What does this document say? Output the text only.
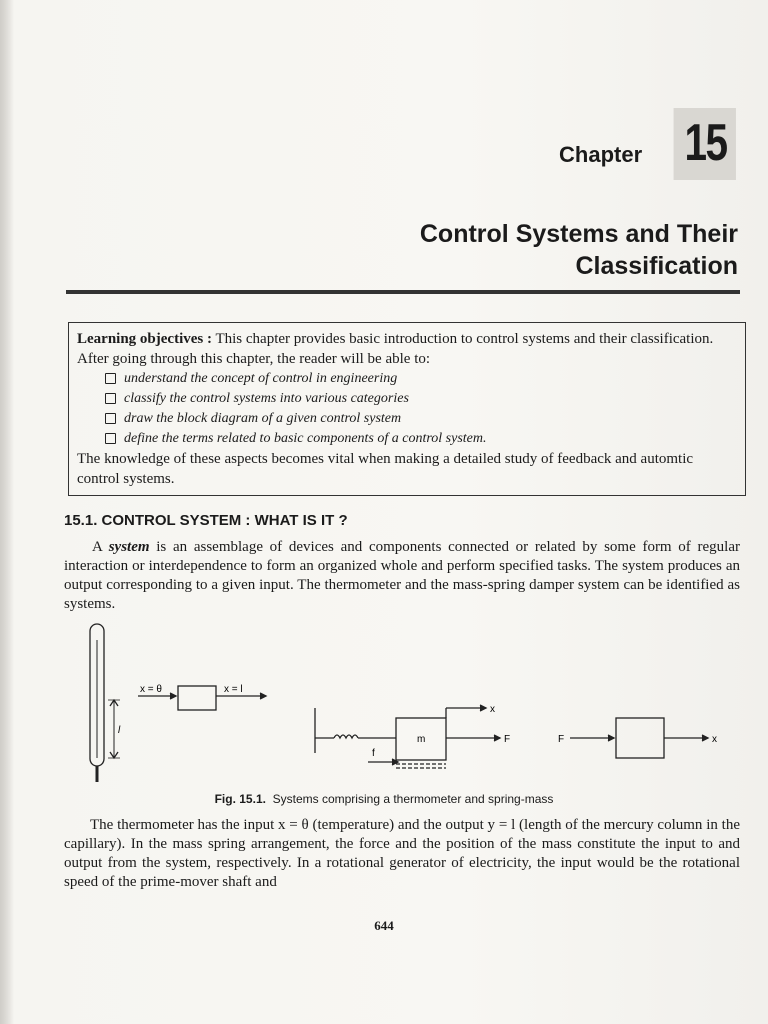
Chapter 15
Control Systems and Their
Classification
Learning objectives : This chapter provides basic introduction to control systems and their classification. After going through this chapter, the reader will be able to:
understand the concept of control in engineering
classify the control systems into various categories
draw the block diagram of a given control system
define the terms related to basic components of a control system.
The knowledge of these aspects becomes vital when making a detailed study of feedback and automtic control systems.
15.1. CONTROL SYSTEM : WHAT IS IT ?
A system is an assemblage of devices and components connected or related by some form of regular interaction or interdependence to form an organized whole and perform specified tasks. The system produces an output corresponding to a given input. The thermometer and the mass-spring damper system can be identified as systems.
l
x = θ	x = l
m	F
x
f
F	x
Fig. 15.1. Systems comprising a thermometer and spring-mass
The thermometer has the input x = θ (temperature) and the output y = l (length of the mercury column in the capillary). In the mass spring arrangement, the force and the position of the mass constitute the input to and output from the system, respectively. In a rotational generator of electricity, the input would be the rotational speed of the prime-mover shaft and
644
